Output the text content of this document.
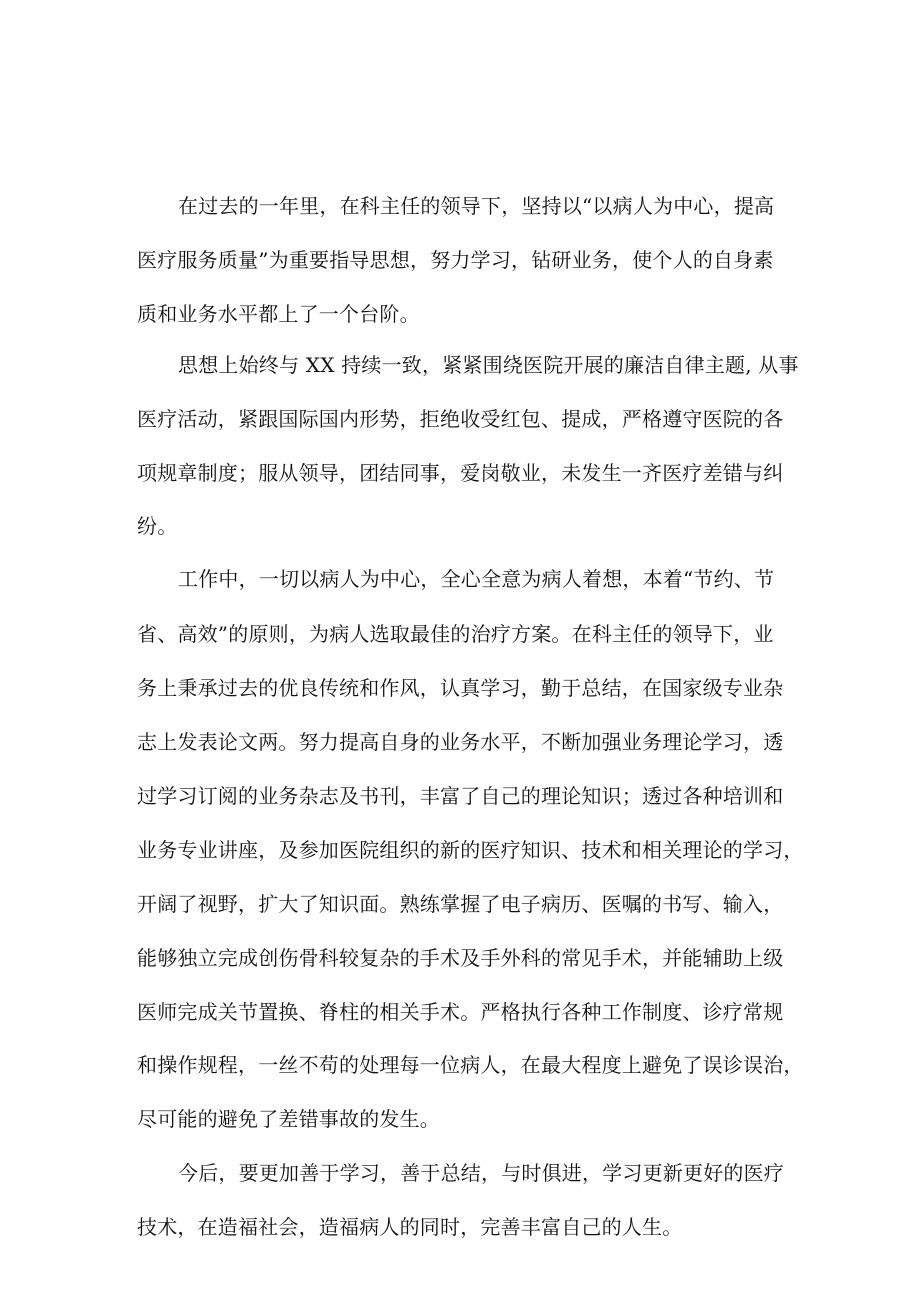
在过去的一年里，在科主任的领导下，坚持以“以病人为中心，提高
医疗服务质量”为重要指导思想，努力学习，钻研业务，使个人的自身素
质和业务水平都上了一个台阶。
思想上始终与 XX 持续一致，紧紧围绕医院开展的廉洁自律主题, 从事
医疗活动，紧跟国际国内形势，拒绝收受红包、提成，严格遵守医院的各
项规章制度；服从领导，团结同事，爱岗敬业，未发生一齐医疗差错与纠
纷。
工作中，一切以病人为中心，全心全意为病人着想，本着“节约、节
省、高效”的原则，为病人选取最佳的治疗方案。在科主任的领导下，业
务上秉承过去的优良传统和作风，认真学习，勤于总结，在国家级专业杂
志上发表论文两。努力提高自身的业务水平，不断加强业务理论学习，透
过学习订阅的业务杂志及书刊，丰富了自己的理论知识；透过各种培训和
业务专业讲座，及参加医院组织的新的医疗知识、技术和相关理论的学习，
开阔了视野，扩大了知识面。熟练掌握了电子病历、医嘱的书写、输入，
能够独立完成创伤骨科较复杂的手术及手外科的常见手术，并能辅助上级
医师完成关节置换、脊柱的相关手术。严格执行各种工作制度、诊疗常规
和操作规程，一丝不苟的处理每一位病人，在最大程度上避免了误诊误治，
尽可能的避免了差错事故的发生。
今后，要更加善于学习，善于总结，与时俱进，学习更新更好的医疗
技术，在造福社会，造福病人的同时，完善丰富自己的人生。
